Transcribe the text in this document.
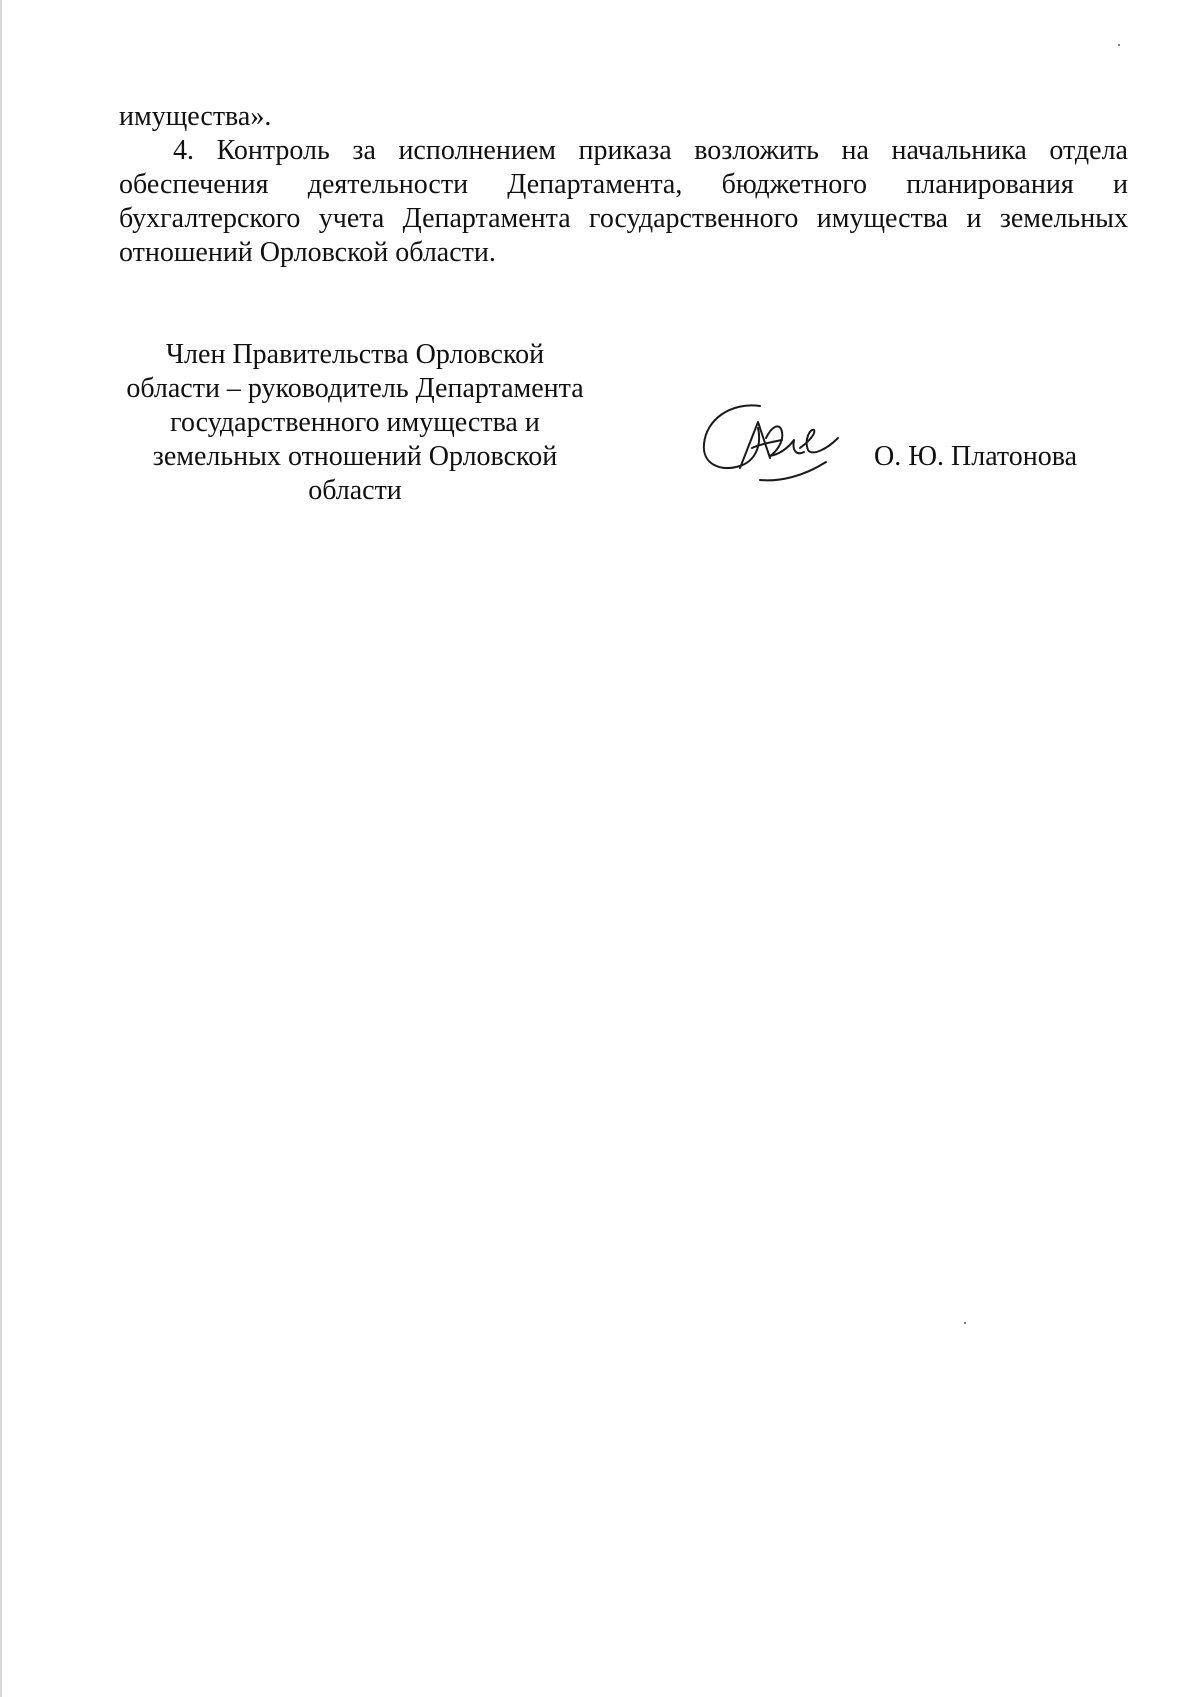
имущества».

4. Контроль за исполнением приказа возложить на начальника отдела обеспечения деятельности Департамента, бюджетного планирования и бухгалтерского учета Департамента государственного имущества и земельных отношений Орловской области.

Член Правительства Орловской
области – руководитель Департамента
государственного имущества и
земельных отношений Орловской
области
О. Ю. Платонова
